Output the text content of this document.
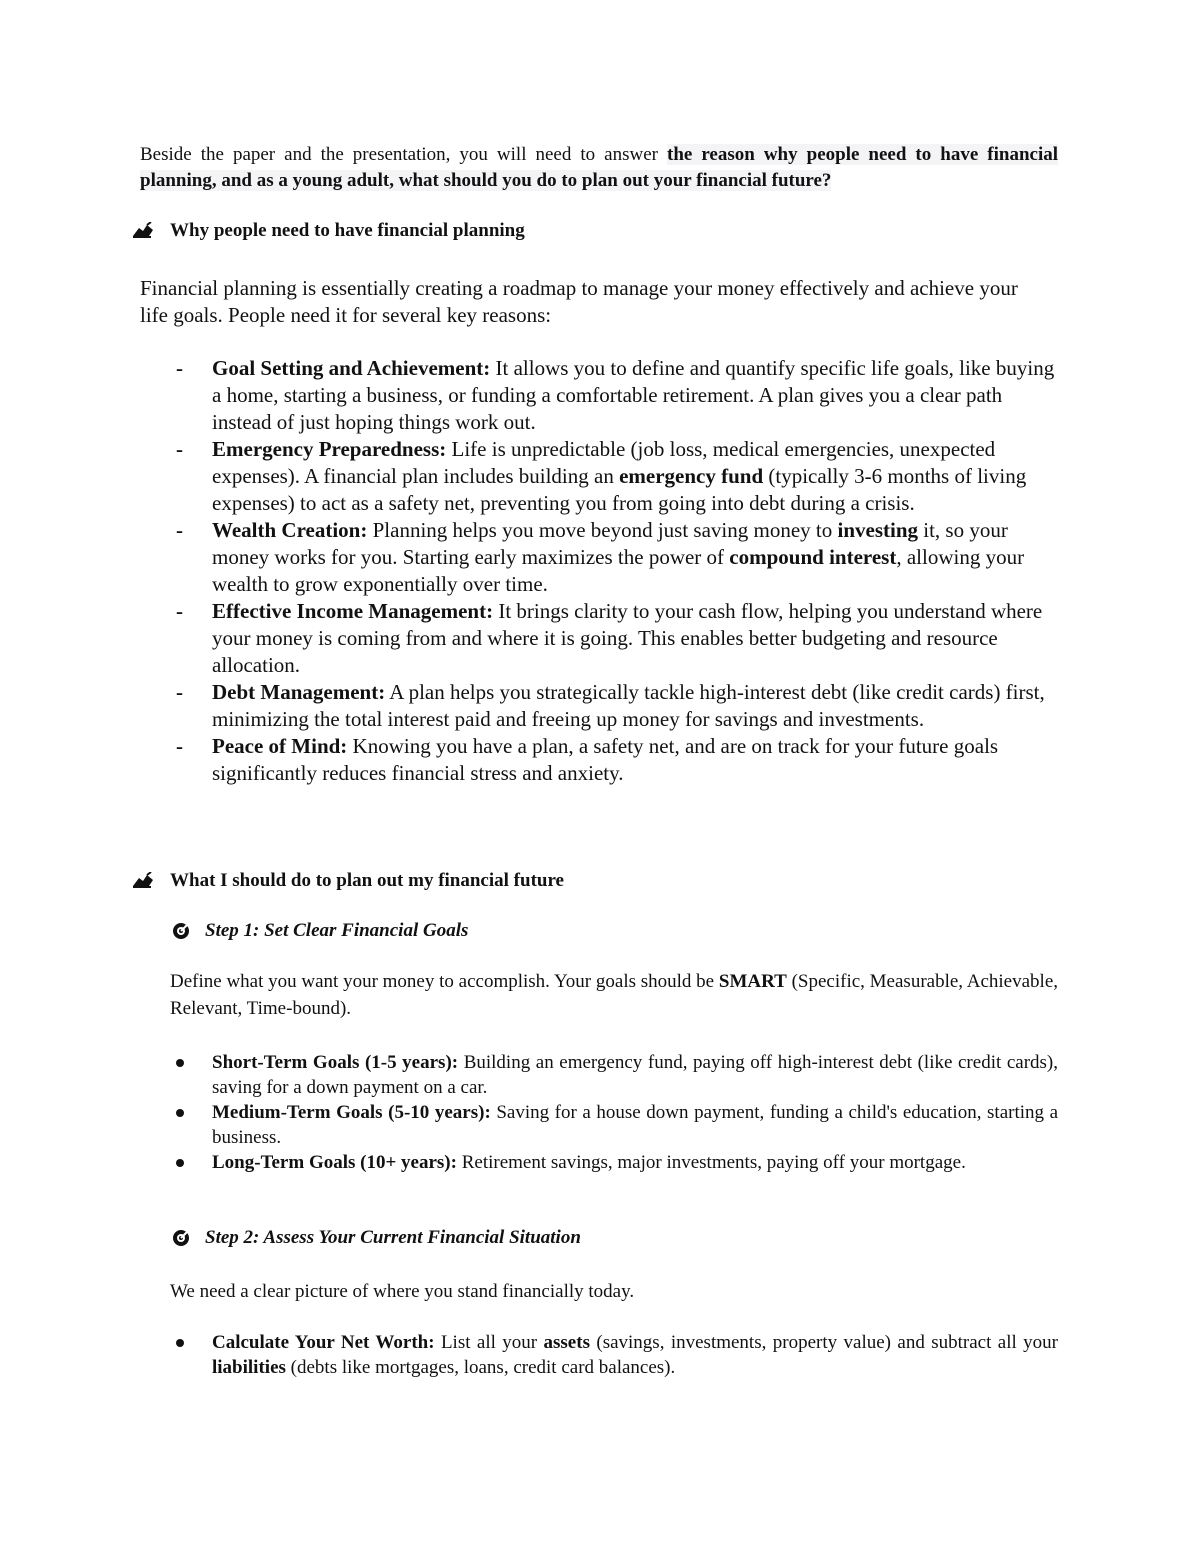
Beside the paper and the presentation, you will need to answer the reason why people need to have financial planning, and as a young adult, what should you do to plan out your financial future?
Why people need to have financial planning
Financial planning is essentially creating a roadmap to manage your money effectively and achieve your life goals. People need it for several key reasons:
- Goal Setting and Achievement: It allows you to define and quantify specific life goals, like buying a home, starting a business, or funding a comfortable retirement. A plan gives you a clear path instead of just hoping things work out.
- Emergency Preparedness: Life is unpredictable (job loss, medical emergencies, unexpected expenses). A financial plan includes building an emergency fund (typically 3-6 months of living expenses) to act as a safety net, preventing you from going into debt during a crisis.
- Wealth Creation: Planning helps you move beyond just saving money to investing it, so your money works for you. Starting early maximizes the power of compound interest, allowing your wealth to grow exponentially over time.
- Effective Income Management: It brings clarity to your cash flow, helping you understand where your money is coming from and where it is going. This enables better budgeting and resource allocation.
- Debt Management: A plan helps you strategically tackle high-interest debt (like credit cards) first, minimizing the total interest paid and freeing up money for savings and investments.
- Peace of Mind: Knowing you have a plan, a safety net, and are on track for your future goals significantly reduces financial stress and anxiety.
What I should do to plan out my financial future
Step 1: Set Clear Financial Goals
Define what you want your money to accomplish. Your goals should be SMART (Specific, Measurable, Achievable, Relevant, Time-bound).
Short-Term Goals (1-5 years): Building an emergency fund, paying off high-interest debt (like credit cards), saving for a down payment on a car.
Medium-Term Goals (5-10 years): Saving for a house down payment, funding a child's education, starting a business.
Long-Term Goals (10+ years): Retirement savings, major investments, paying off your mortgage.
Step 2: Assess Your Current Financial Situation
We need a clear picture of where you stand financially today.
Calculate Your Net Worth: List all your assets (savings, investments, property value) and subtract all your liabilities (debts like mortgages, loans, credit card balances).
